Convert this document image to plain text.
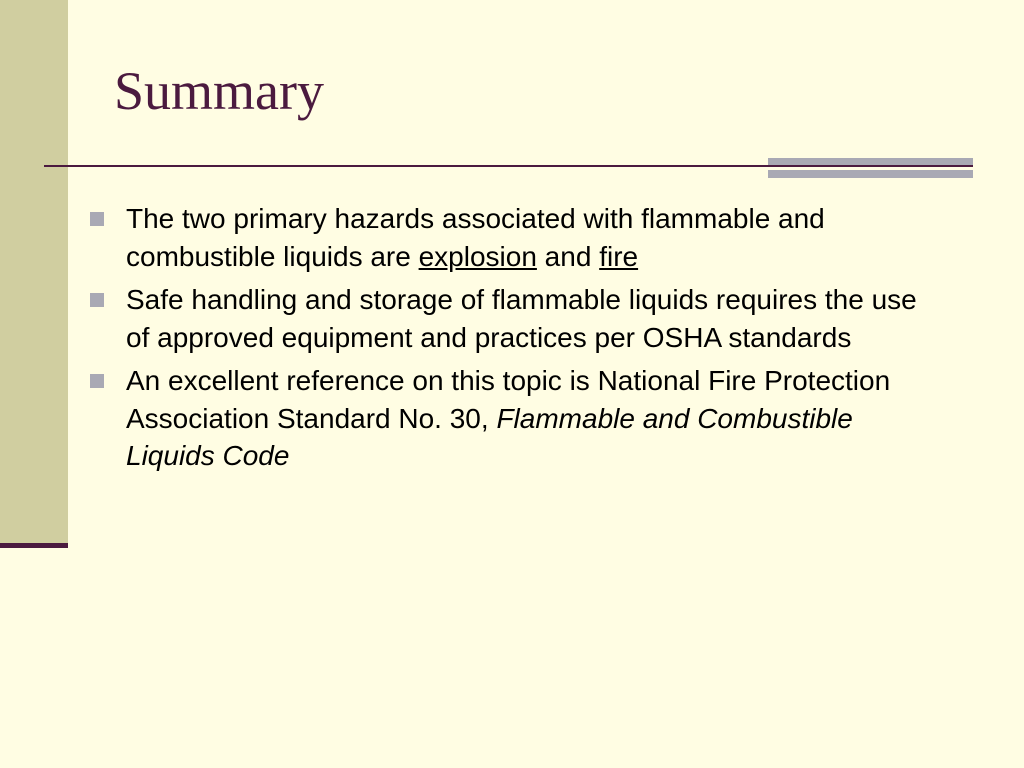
Summary
The two primary hazards associated with flammable and combustible liquids are explosion and fire
Safe handling and storage of flammable liquids requires the use of approved equipment and practices per OSHA standards
An excellent reference on this topic is National Fire Protection Association Standard No. 30, Flammable and Combustible Liquids Code
